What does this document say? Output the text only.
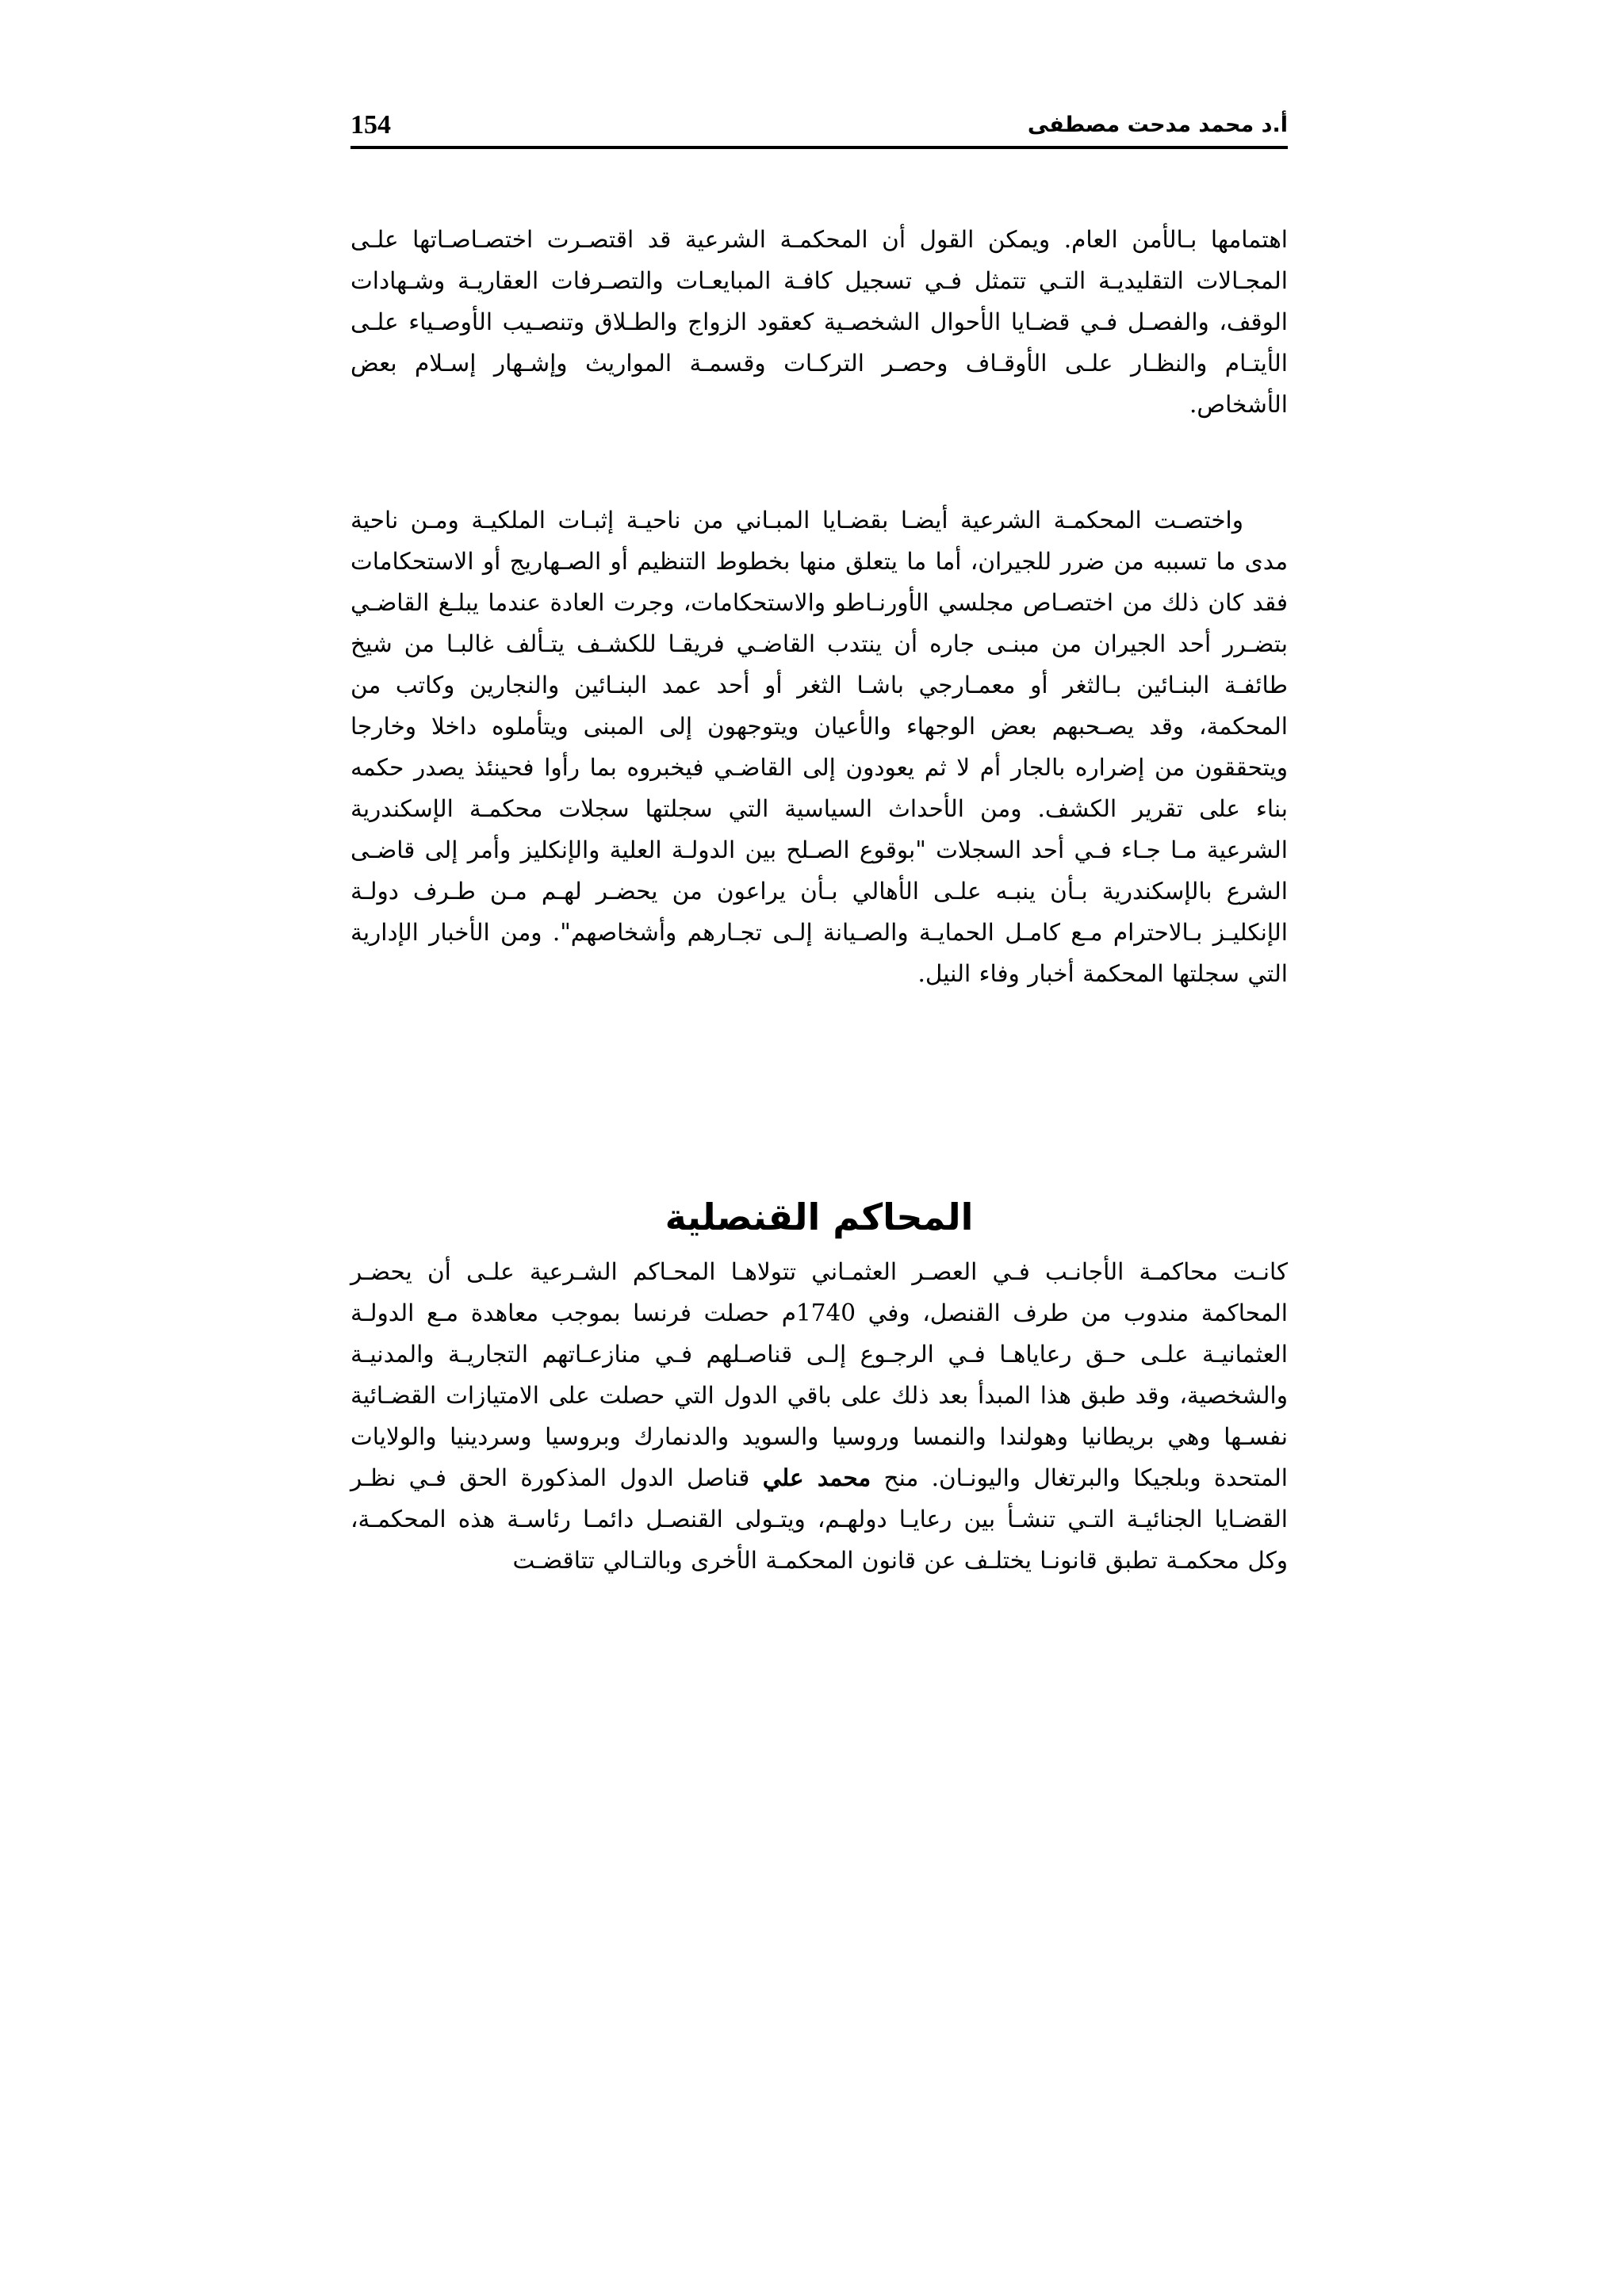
154	أ.د محمد مدحت مصطفى

اهتمامها بـالأمن العام. ويمكن القول أن المحكمـة الشرعية قد اقتصـرت اختصـاصـاتها علـى المجـالات التقليديـة التـي تتمثل فـي تسجيل كافـة المبايعـات والتصـرفات العقاريـة وشـهادات الوقف، والفصـل فـي قضـايا الأحوال الشخصـية كعقود الزواج والطـلاق وتنصـيب الأوصـياء علـى الأيتـام والنظـار علـى الأوقـاف وحصـر التركـات وقسمـة المواريث وإشـهار إسـلام بعض الأشخاص.

واختصـت المحكمـة الشرعية أيضـا بقضـايا المبـاني من ناحيـة إثبـات الملكيـة ومـن ناحية مدى ما تسببه من ضرر للجيران، أما ما يتعلق منها بخطوط التنظيم أو الصـهاريج أو الاستحكامات فقد كان ذلك من اختصـاص مجلسي الأورنـاطو والاستحكامات، وجرت العادة عندما يبلـغ القاضـي بتضـرر أحد الجيران من مبنـى جاره أن ينتدب القاضـي فريقـا للكشـف يتـألف غالبـا من شيخ طائفـة البنـائين بـالثغر أو معمـارجي باشـا الثغر أو أحد عمد البنـائين والنجارين وكاتب من المحكمة، وقد يصـحبهم بعض الوجهاء والأعيان ويتوجهون إلى المبنى ويتأملوه داخلا وخارجا ويتحققون من إضراره بالجار أم لا ثم يعودون إلى القاضـي فيخبروه بما رأوا فحينئذ يصدر حكمه بناء على تقرير الكشف. ومن الأحداث السياسية التي سجلتها سجلات محكمـة الإسكندرية الشرعية مـا جـاء فـي أحد السجلات "بوقوع الصـلح بين الدولـة العلية والإنكليز وأمر إلى قاضـى الشرع بالإسكندرية بـأن ينبـه علـى الأهالي بـأن يراعون من يحضـر لهـم مـن طـرف دولـة الإنكليـز بـالاحترام مـع كامـل الحمايـة والصـيانة إلـى تجـارهم وأشخاصهم". ومن الأخبار الإدارية التي سجلتها المحكمة أخبار وفاء النيل.

المحاكم القنصلية

كانـت محاكمـة الأجانـب فـي العصـر العثمـاني تتولاهـا المحـاكم الشـرعية علـى أن يحضـر المحاكمة مندوب من طرف القنصل، وفي 1740م حصلت فرنسا بموجب معاهدة مـع الدولـة العثمانيـة علـى حـق رعاياهـا فـي الرجـوع إلـى قناصـلهم فـي منازعـاتهم التجاريـة والمدنيـة والشخصية، وقد طبق هذا المبدأ بعد ذلك على باقي الدول التي حصلت على الامتيازات القضـائية نفسـها وهي بريطانيا وهولندا والنمسا وروسيا والسويد والدنمارك وبروسيا وسردينيا والولايات المتحدة وبلجيكا والبرتغال واليونـان. منح محمد علي قناصل الدول المذكورة الحق فـي نظـر القضـايا الجنائيـة التـي تنشـأ بين رعايـا دولهـم، ويتـولى القنصـل دائمـا رئاسـة هذه المحكمـة، وكل محكمـة تطبق قانونـا يختلـف عن قانون المحكمـة الأخرى وبالتـالي تتاقضـت
